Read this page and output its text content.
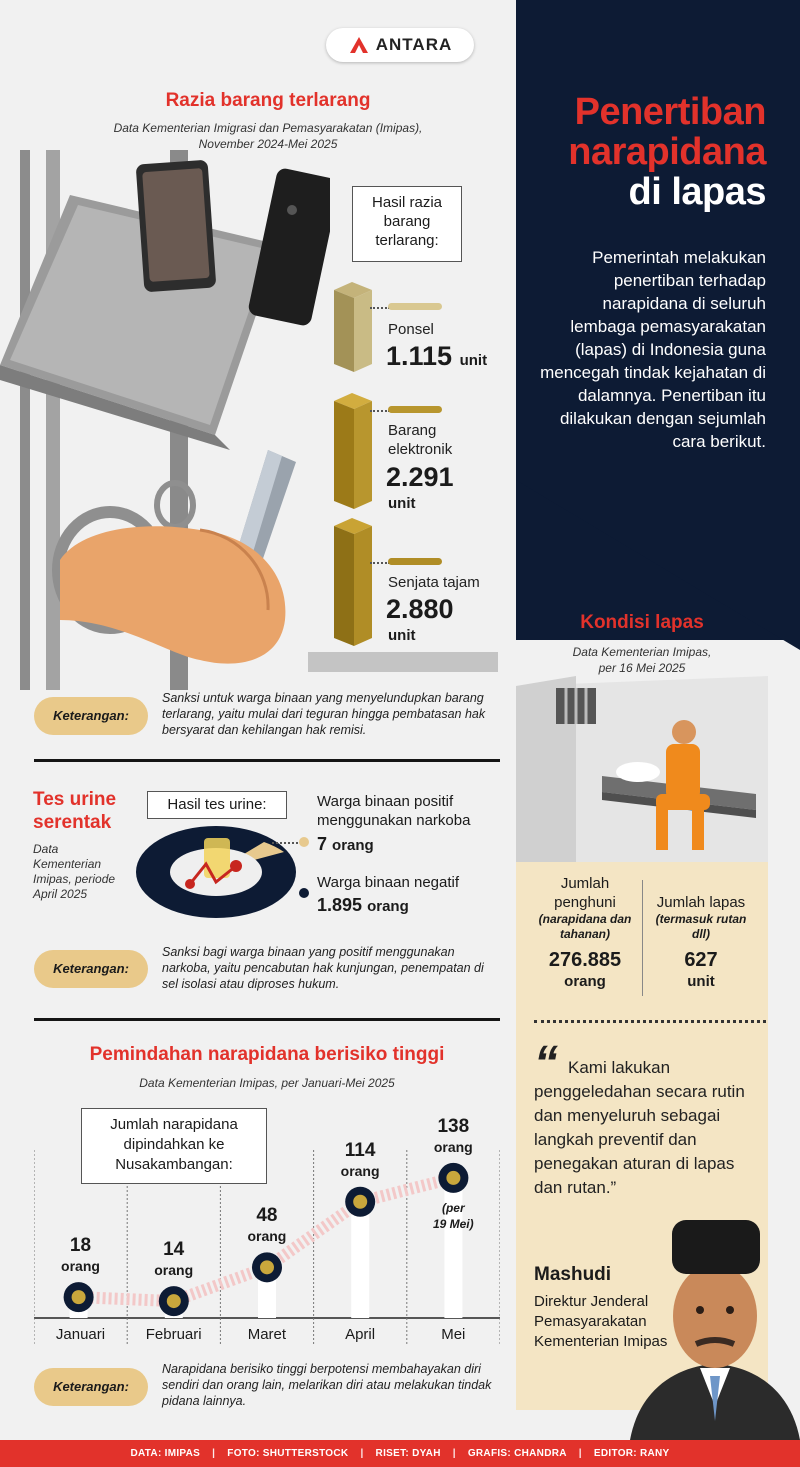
ANTARA
Penertiban
narapidana
di lapas
Pemerintah melakukan penertiban terhadap narapidana di seluruh lembaga pemasyarakatan (lapas) di Indonesia guna mencegah tindak kejahatan di dalamnya. Penertiban itu dilakukan dengan sejumlah cara berikut.
Razia barang terlarang
Data Kementerian Imigrasi dan Pemasyarakatan (Imipas),
November 2024-Mei 2025
Hasil razia barang terlarang:
Ponsel
1.115 unit
Barang
elektronik
2.291
unit
Senjata tajam
2.880
unit
Keterangan:
Sanksi untuk warga binaan yang menyelundupkan barang terlarang, yaitu mulai dari teguran hingga pembatasan hak bersyarat dan kehilangan hak remisi.
Tes urine
serentak
Data Kementerian Imipas, periode April 2025
Hasil tes urine:	Warga binaan positif menggunakan narkoba
7 orang
Warga binaan negatif
1.895 orang
Keterangan:
Sanksi bagi warga binaan yang positif menggunakan narkoba, yaitu pencabutan hak kunjungan, penempatan di sel isolasi atau diproses hukum.
Pemindahan narapidana berisiko tinggi
Data Kementerian Imipas, per Januari-Mei 2025
Jumlah narapidana dipindahkan ke Nusakambangan:
Januari
18
orang
Februari
14
orang
Maret
48
orang
April
114
orang
Mei
138
orang
(per
19 Mei)
Keterangan:
Narapidana berisiko tinggi berpotensi membahayakan diri sendiri dan orang lain, melarikan diri atau melakukan tindak pidana lainnya.
Kondisi lapas
Data Kementerian Imipas,
per 16 Mei 2025
Jumlah
penghuni
(narapidana dan tahanan)
276.885
orang
Jumlah lapas
(termasuk rutan dll)
627
unit
“ Kami lakukan penggeledahan secara rutin dan menyeluruh sebagai langkah preventif dan penegakan aturan di lapas dan rutan.”
Mashudi
Direktur Jenderal Pemasyarakatan Kementerian Imipas
DATA: IMIPAS | FOTO: SHUTTERSTOCK | RISET: DYAH | GRAFIS: CHANDRA | EDITOR: RANY
